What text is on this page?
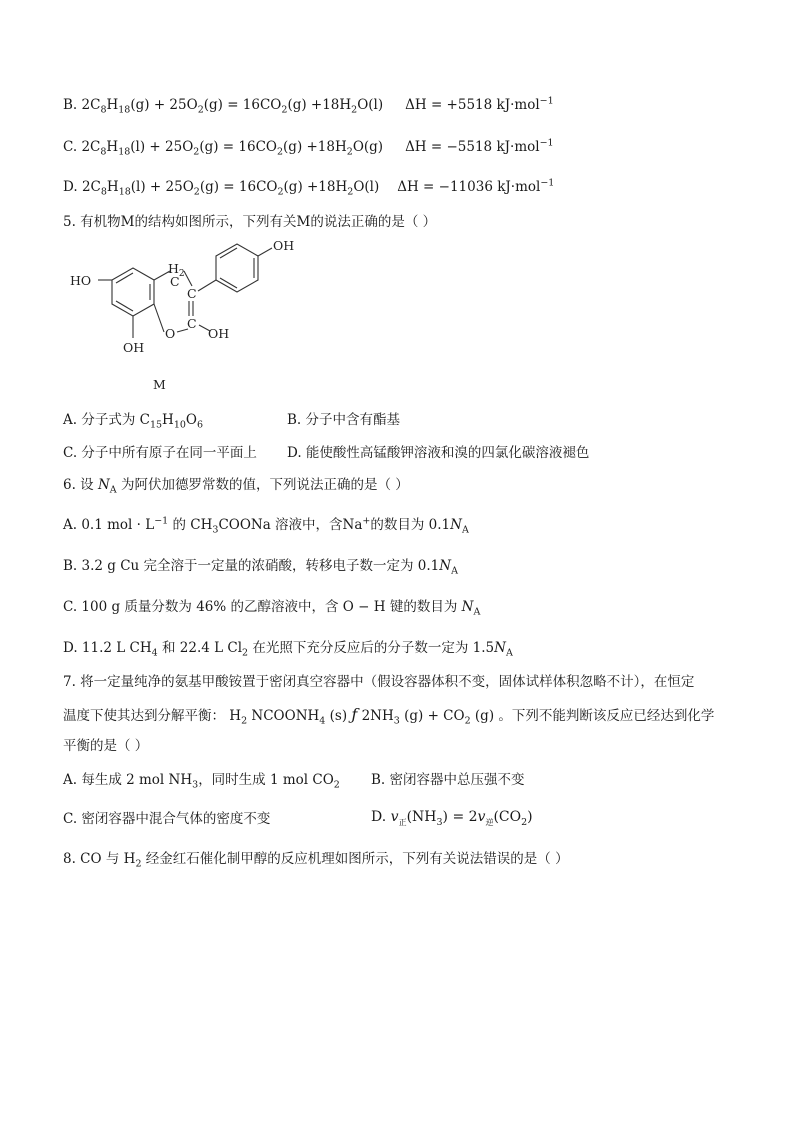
B. $2C_8H_{18}(g) + 25O_2(g) = 16CO_2(g) +18H_2O(l) \Delta H = +5518$ kJ·mol$^{-1}$
C. $2C_8H_{18}(l) + 25O_2(g) = 16CO_2(g) +18H_2O(g) \Delta H = -5518$ kJ·mol$^{-1}$
D. $2C_8H_{18}(l) + 25O_2(g) = 16CO_2(g) +18H_2O(l) \Delta H = -11036$ kJ·mol$^{-1}$
5. 有机物M的结构如图所示，下列有关M的说法正确的是（ ）
OH
$H_2$
C
C
C
O	OH
HO
OH
M
A. 分子式为 $C_{15}H_{10}O_6$	B. 分子中含有酯基
C. 分子中所有原子在同一平面上 D. 能使酸性高锰酸钾溶液和溴的四氯化碳溶液褪色
6. 设 $N_A$ 为阿伏加德罗常数的值，下列说法正确的是（ ）
A. 0.1 mol · $L^{-1}$ 的 $CH_3COONa$ 溶液中，含Na+的数目为 $0.1N_A$
B. 3.2 g Cu 完全溶于一定量的浓硝酸，转移电子数一定为 $0.1N_A$
C. 100 g 质量分数为 46% 的乙醇溶液中，含 O − H 键的数目为 $N_A$
D. 11.2 L $CH_4$ 和 22.4 L $Cl_2$ 在光照下充分反应后的分子数一定为 $1.5N_A$
7. 将一定量纯净的氨基甲酸铵置于密闭真空容器中（假设容器体积不变，固体试样体积忽略不计），在恒定
温度下使其达到分解平衡： $H_2$ $NCOONH_4$ (s) ƒ $2NH_3$ $(g) + CO_2$ (g) 。下列不能判断该反应已经达到化学
平衡的是（ ）
A. 每生成 2 mol $NH_3$，同时生成 1 mol $CO_2$ B. 密闭容器中总压强不变
C. 密闭容器中混合气体的密度不变	D. $v_正(NH_3) = 2v_逆(CO_2)$
8. CO 与 $H_2$ 经金红石催化制甲醇的反应机理如图所示，下列有关说法错误的是（ ）
